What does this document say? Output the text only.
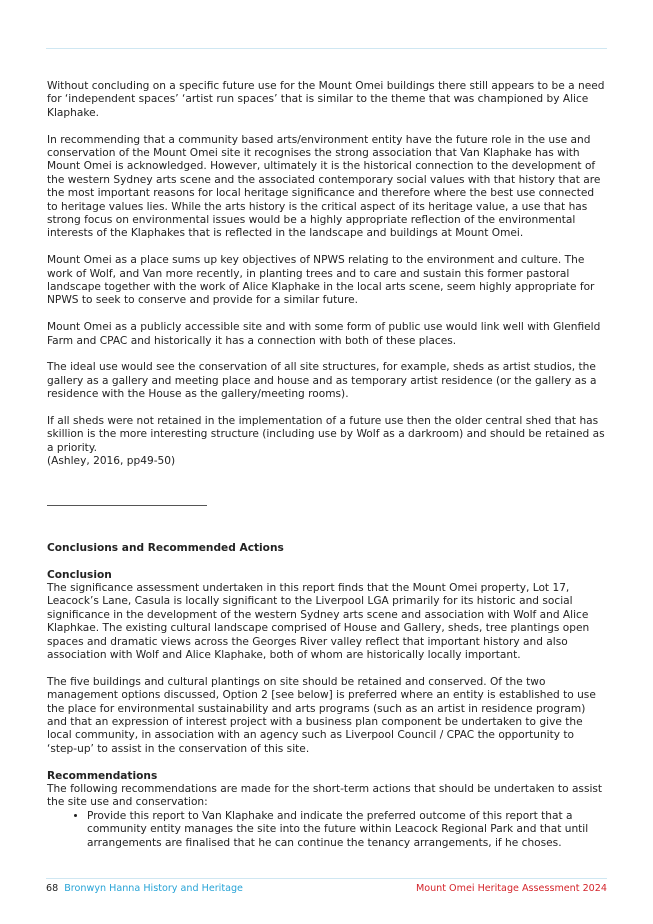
Without concluding on a specific future use for the Mount Omei buildings there still appears to be a need for ‘independent spaces’ ‘artist run spaces’ that is similar to the theme that was championed by Alice Klaphake.

In recommending that a community based arts/environment entity have the future role in the use and conservation of the Mount Omei site it recognises the strong association that Van Klaphake has with Mount Omei is acknowledged. However, ultimately it is the historical connection to the development of the western Sydney arts scene and the associated contemporary social values with that history that are the most important reasons for local heritage significance and therefore where the best use connected to heritage values lies. While the arts history is the critical aspect of its heritage value, a use that has strong focus on environmental issues would be a highly appropriate reflection of the environmental interests of the Klaphakes that is reflected in the landscape and buildings at Mount Omei.

Mount Omei as a place sums up key objectives of NPWS relating to the environment and culture. The work of Wolf, and Van more recently, in planting trees and to care and sustain this former pastoral landscape together with the work of Alice Klaphake in the local arts scene, seem highly appropriate for NPWS to seek to conserve and provide for a similar future.

Mount Omei as a publicly accessible site and with some form of public use would link well with Glenfield Farm and CPAC and historically it has a connection with both of these places.

The ideal use would see the conservation of all site structures, for example, sheds as artist studios, the gallery as a gallery and meeting place and house and as temporary artist residence (or the gallery as a residence with the House as the gallery/meeting rooms).

If all sheds were not retained in the implementation of a future use then the older central shed that has skillion is the more interesting structure (including use by Wolf as a darkroom) and should be retained as a priority.

(Ashley, 2016, pp49-50)

Conclusions and Recommended Actions

Conclusion

The significance assessment undertaken in this report finds that the Mount Omei property, Lot 17, Leacock’s Lane, Casula is locally significant to the Liverpool LGA primarily for its historic and social significance in the development of the western Sydney arts scene and association with Wolf and Alice Klaphkae. The existing cultural landscape comprised of House and Gallery, sheds, tree plantings open spaces and dramatic views across the Georges River valley reflect that important history and also association with Wolf and Alice Klaphake, both of whom are historically locally important.

The five buildings and cultural plantings on site should be retained and conserved. Of the two management options discussed, Option 2 [see below] is preferred where an entity is established to use the place for environmental sustainability and arts programs (such as an artist in residence program) and that an expression of interest project with a business plan component be undertaken to give the local community, in association with an agency such as Liverpool Council / CPAC the opportunity to ‘step-up’ to assist in the conservation of this site.

Recommendations

The following recommendations are made for the short-term actions that should be undertaken to assist the site use and conservation:

• Provide this report to Van Klaphake and indicate the preferred outcome of this report that a community entity manages the site into the future within Leacock Regional Park and that until arrangements are finalised that he can continue the tenancy arrangements, if he choses.
68 Bronwyn Hanna History and Heritage	Mount Omei Heritage Assessment 2024
